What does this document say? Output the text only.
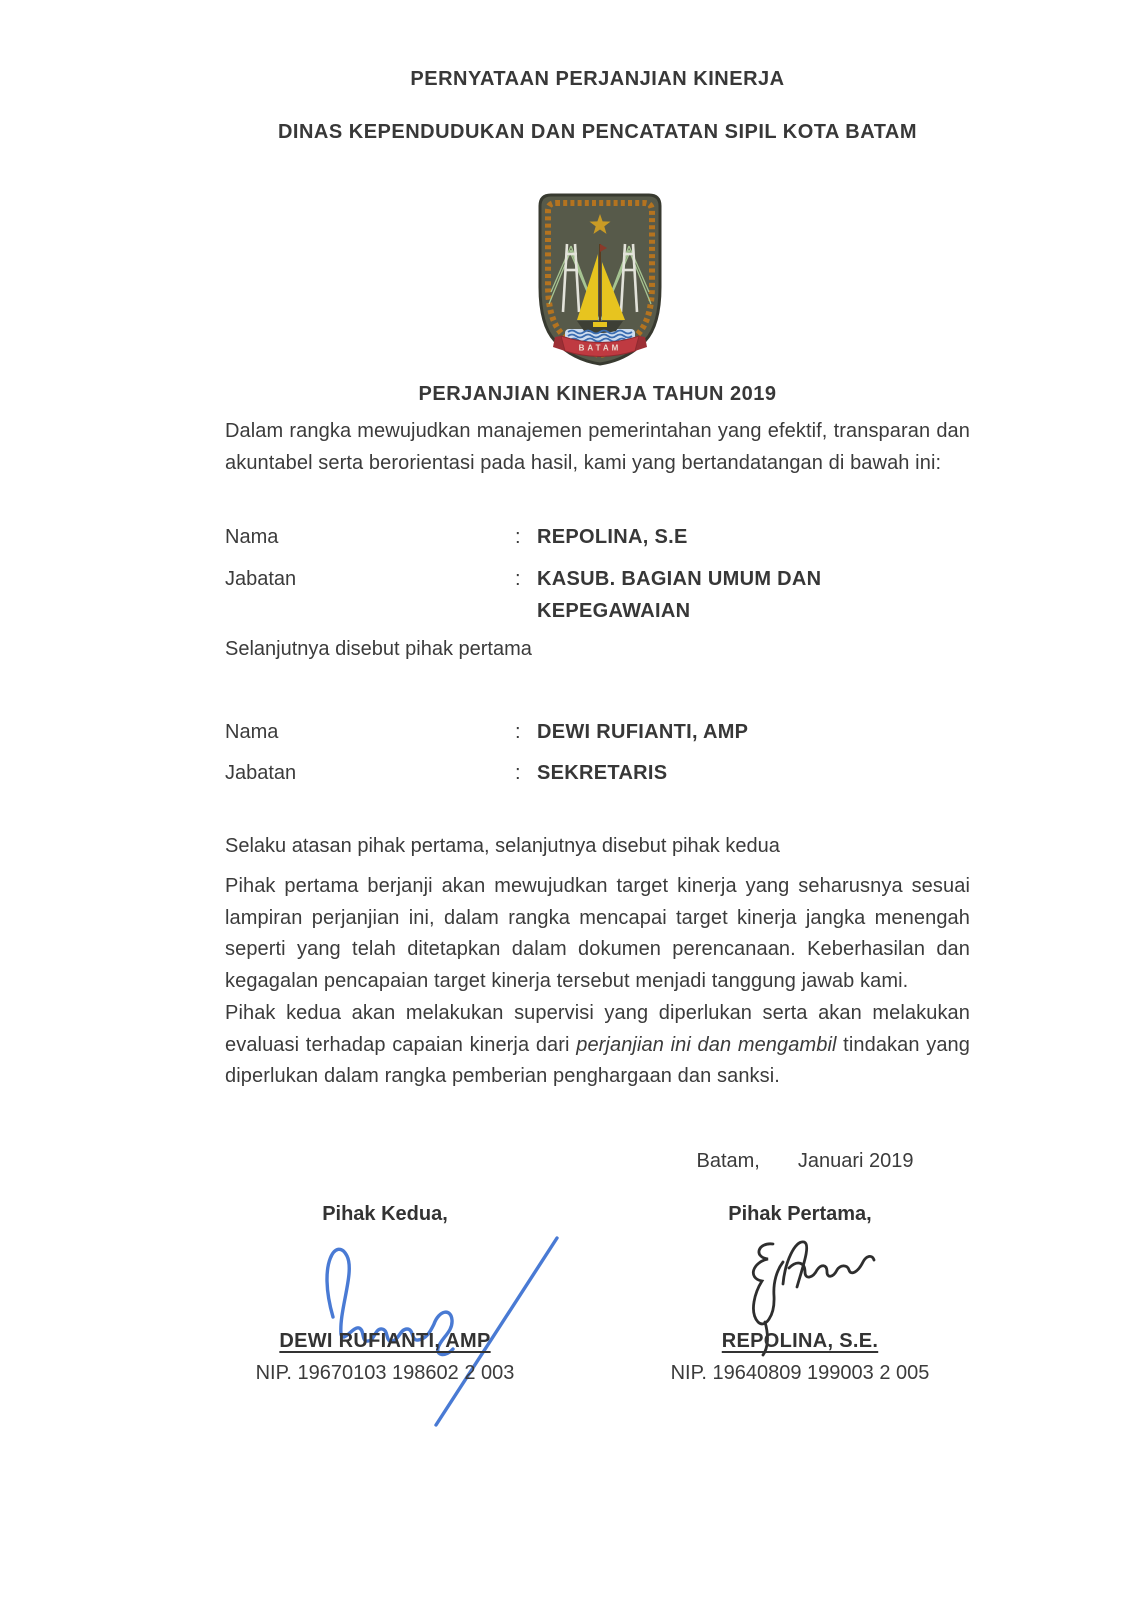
PERNYATAAN PERJANJIAN KINERJA
DINAS KEPENDUDUKAN DAN PENCATATAN SIPIL KOTA BATAM
BATAM
PERJANJIAN KINERJA TAHUN 2019
Dalam rangka mewujudkan manajemen pemerintahan yang efektif, transparan dan akuntabel serta berorientasi pada hasil, kami yang bertandatangan di bawah ini:
Nama	: REPOLINA, S.E
Jabatan	: KASUB. BAGIAN UMUM DAN KEPEGAWAIAN
Selanjutnya disebut pihak pertama
Nama	: DEWI RUFIANTI, AMP
Jabatan	: SEKRETARIS
Selaku atasan pihak pertama, selanjutnya disebut pihak kedua
Pihak pertama berjanji akan mewujudkan target kinerja yang seharusnya sesuai lampiran perjanjian ini, dalam rangka mencapai target kinerja jangka menengah seperti yang telah ditetapkan dalam dokumen perencanaan. Keberhasilan dan kegagalan pencapaian target kinerja tersebut menjadi tanggung jawab kami.
Pihak kedua akan melakukan supervisi yang diperlukan serta akan melakukan evaluasi terhadap capaian kinerja dari perjanjian ini dan mengambil tindakan yang diperlukan dalam rangka pemberian penghargaan dan sanksi.
Batam, Januari 2019
Pihak Kedua,	Pihak Pertama,
DEWI RUFIANTI, AMP	REPOLINA, S.E.
NIP. 19670103 198602 2 003	NIP. 19640809 199003 2 005
